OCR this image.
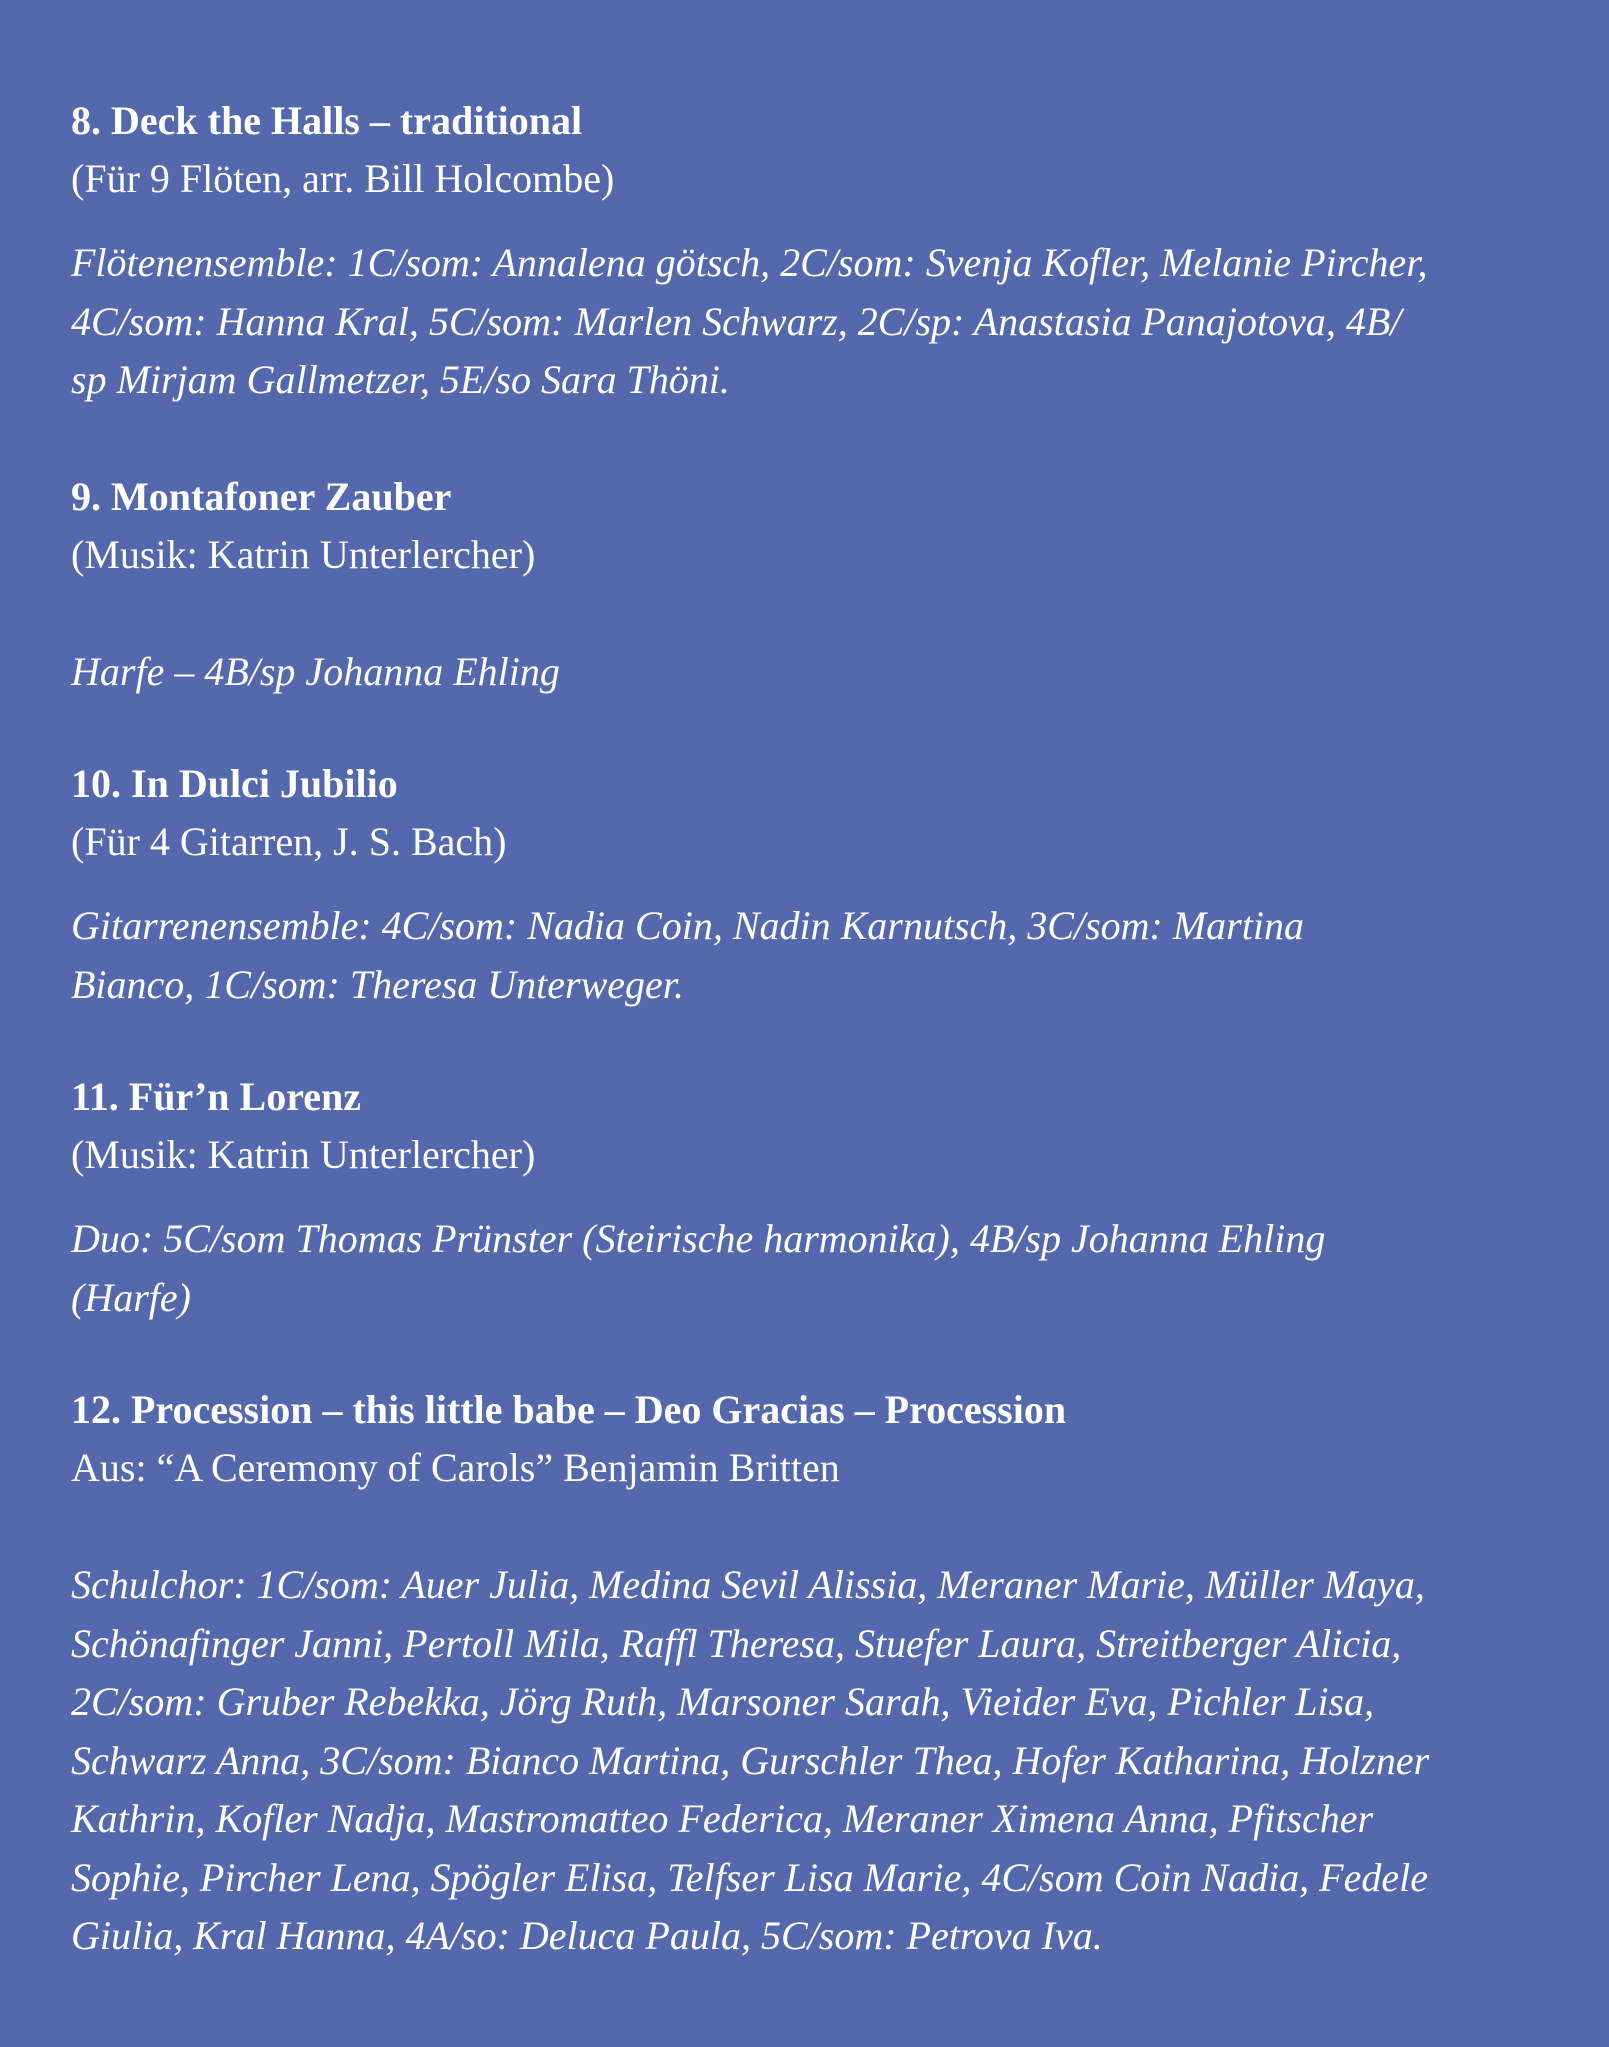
8. Deck the Halls – traditional
(Für 9 Flöten, arr. Bill Holcombe)
Flötenensemble: 1C/som: Annalena götsch, 2C/som: Svenja Kofler, Melanie Pircher,
4C/som: Hanna Kral, 5C/som: Marlen Schwarz, 2C/sp: Anastasia Panajotova, 4B/
sp Mirjam Gallmetzer, 5E/so Sara Thöni.
9. Montafoner Zauber
(Musik: Katrin Unterlercher)
Harfe – 4B/sp Johanna Ehling
10. In Dulci Jubilio
(Für 4 Gitarren, J. S. Bach)
Gitarrenensemble: 4C/som: Nadia Coin, Nadin Karnutsch, 3C/som: Martina
Bianco, 1C/som: Theresa Unterweger.
11. Für’n Lorenz
(Musik: Katrin Unterlercher)
Duo: 5C/som Thomas Prünster (Steirische harmonika), 4B/sp Johanna Ehling
(Harfe)
12. Procession – this little babe – Deo Gracias – Procession
Aus: “A Ceremony of Carols” Benjamin Britten
Schulchor: 1C/som: Auer Julia, Medina Sevil Alissia, Meraner Marie, Müller Maya,
Schönafinger Janni, Pertoll Mila, Raffl Theresa, Stuefer Laura, Streitberger Alicia,
2C/som: Gruber Rebekka, Jörg Ruth, Marsoner Sarah, Vieider Eva, Pichler Lisa,
Schwarz Anna, 3C/som: Bianco Martina, Gurschler Thea, Hofer Katharina, Holzner
Kathrin, Kofler Nadja, Mastromatteo Federica, Meraner Ximena Anna, Pfitscher
Sophie, Pircher Lena, Spögler Elisa, Telfser Lisa Marie, 4C/som Coin Nadia, Fedele
Giulia, Kral Hanna, 4A/so: Deluca Paula, 5C/som: Petrova Iva.
